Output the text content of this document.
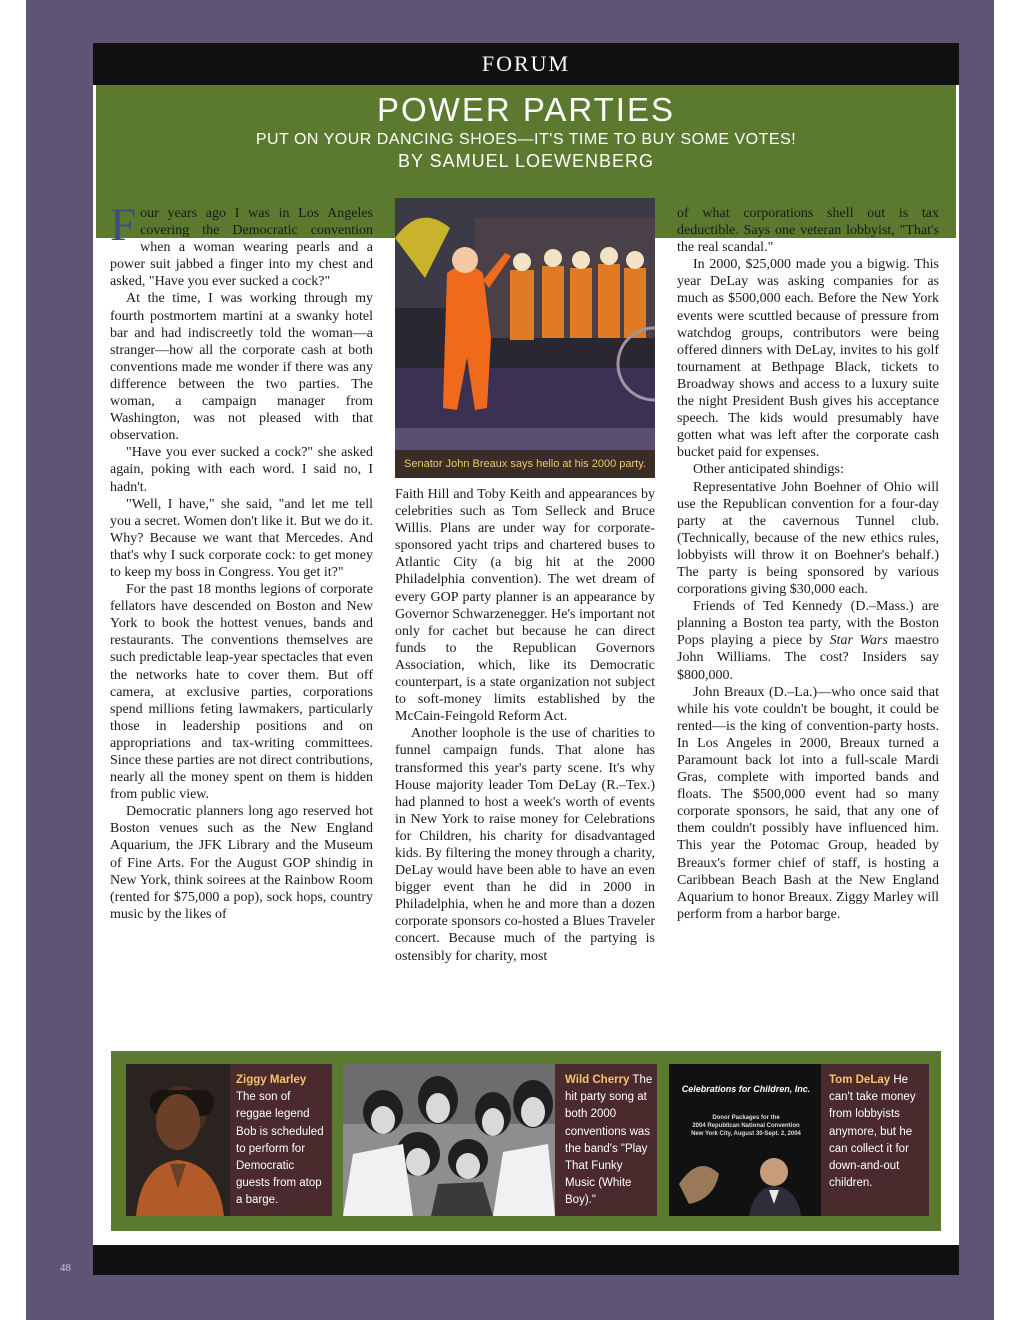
FORUM
POWER PARTIES
PUT ON YOUR DANCING SHOES—IT'S TIME TO BUY SOME VOTES!
BY SAMUEL LOEWENBERG

Four years ago I was in Los Angeles covering the Democratic convention when a woman wearing pearls and a power suit jabbed a finger into my chest and asked, "Have you ever sucked a cock?"

At the time, I was working through my fourth postmortem martini at a swanky hotel bar and had indiscreetly told the woman—a stranger—how all the corporate cash at both conventions made me wonder if there was any difference between the two parties. The woman, a campaign manager from Washington, was not pleased with that observation.

"Have you ever sucked a cock?" she asked again, poking with each word. I said no, I hadn't.

"Well, I have," she said, "and let me tell you a secret. Women don't like it. But we do it. Why? Because we want that Mercedes. And that's why I suck corporate cock: to get money to keep my boss in Congress. You get it?"

For the past 18 months legions of corporate fellators have descended on Boston and New York to book the hottest venues, bands and restaurants. The conventions themselves are such predictable leap-year spectacles that even the networks hate to cover them. But off camera, at exclusive parties, corporations spend millions feting lawmakers, particularly those in leadership positions and on appropriations and tax-writing committees. Since these parties are not direct contributions, nearly all the money spent on them is hidden from public view.

Democratic planners long ago reserved hot Boston venues such as the New England Aquarium, the JFK Library and the Museum of Fine Arts. For the August GOP shindig in New York, think soirees at the Rainbow Room (rented for $75,000 a pop), sock hops, country music by the likes of

Senator John Breaux says hello at his 2000 party.

Faith Hill and Toby Keith and appearances by celebrities such as Tom Selleck and Bruce Willis. Plans are under way for corporate-sponsored yacht trips and chartered buses to Atlantic City (a big hit at the 2000 Philadelphia convention). The wet dream of every GOP party planner is an appearance by Governor Schwarzenegger. He's important not only for cachet but because he can direct funds to the Republican Governors Association, which, like its Democratic counterpart, is a state organization not subject to soft-money limits established by the McCain-Feingold Reform Act.

Another loophole is the use of charities to funnel campaign funds. That alone has transformed this year's party scene. It's why House majority leader Tom DeLay (R.–Tex.) had planned to host a week's worth of events in New York to raise money for Celebrations for Children, his charity for disadvantaged kids. By filtering the money through a charity, DeLay would have been able to have an even bigger event than he did in 2000 in Philadelphia, when he and more than a dozen corporate sponsors co-hosted a Blues Traveler concert. Because much of the partying is ostensibly for charity, most

of what corporations shell out is tax deductible. Says one veteran lobbyist, "That's the real scandal."

In 2000, $25,000 made you a bigwig. This year DeLay was asking companies for as much as $500,000 each. Before the New York events were scuttled because of pressure from watchdog groups, contributors were being offered dinners with DeLay, invites to his golf tournament at Bethpage Black, tickets to Broadway shows and access to a luxury suite the night President Bush gives his acceptance speech. The kids would presumably have gotten what was left after the corporate cash bucket paid for expenses.

Other anticipated shindigs:

Representative John Boehner of Ohio will use the Republican convention for a four-day party at the cavernous Tunnel club. (Technically, because of the new ethics rules, lobbyists will throw it on Boehner's behalf.) The party is being sponsored by various corporations giving $30,000 each.

Friends of Ted Kennedy (D.–Mass.) are planning a Boston tea party, with the Boston Pops playing a piece by Star Wars maestro John Williams. The cost? Insiders say $800,000.

John Breaux (D.–La.)—who once said that while his vote couldn't be bought, it could be rented—is the king of convention-party hosts. In Los Angeles in 2000, Breaux turned a Paramount back lot into a full-scale Mardi Gras, complete with imported bands and floats. The $500,000 event had so many corporate sponsors, he said, that any one of them couldn't possibly have influenced him. This year the Potomac Group, headed by Breaux's former chief of staff, is hosting a Caribbean Beach Bash at the New England Aquarium to honor Breaux. Ziggy Marley will perform from a harbor barge.

Ziggy Marley The son of reggae legend Bob is scheduled to perform for Democratic guests from atop a barge.
Wild Cherry The hit party song at both 2000 conventions was the band's "Play That Funky Music (White Boy)."
Celebrations for Children, Inc.
Donor Packages for the
2004 Republican National Convention
New York City, August 30-Sept. 2, 2004
Tom DeLay He can't take money from lobbyists anymore, but he can collect it for down-and-out children.
48
